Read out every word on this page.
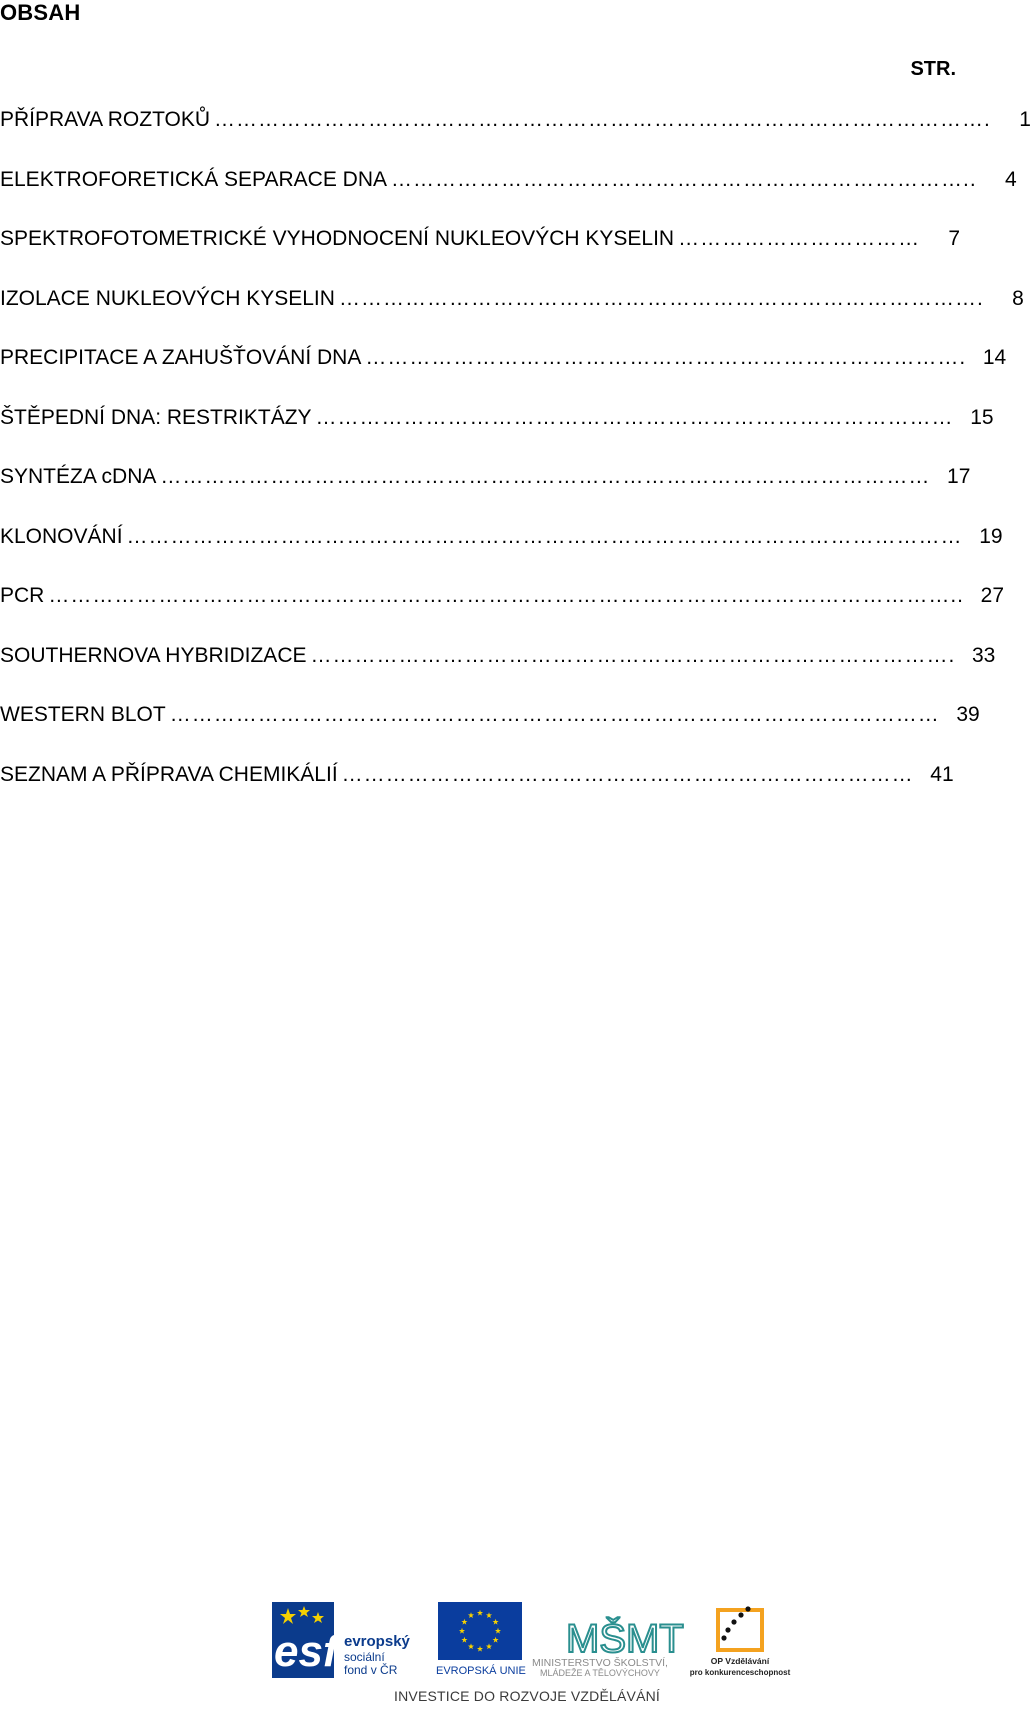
OBSAH
STR.
PŘÍPRAVA ROZTOKŮ …………………………………………………………………………………………….	1
ELEKTROFORETICKÁ SEPARACE DNA ……………………………………………………………………..	4
SPEKTROFOTOMETRICKÉ VYHODNOCENÍ NUKLEOVÝCH KYSELIN ……………………………	7
IZOLACE NUKLEOVÝCH KYSELIN …………………………………………………………………………….	8
PRECIPITACE A ZAHUŠŤOVÁNÍ DNA ………………………………………………………………………. 14
ŠTĚPEDNÍ DNA: RESTRIKTÁZY …………………………………………………………………………… 15
SYNTÉZA cDNA …………………………………………………………………………………………… 17
KLONOVÁNÍ …………………………………………………………………………………………………… 19
PCR …………………………………………………………………………………………………………….. 27
SOUTHERNOVA HYBRIDIZACE ……………………………………………………………………………. 33
WESTERN BLOT …………………………………………………………………………………………… 39
SEZNAM A PŘÍPRAVA CHEMIKÁLIÍ …………………………………………………………………… 41
esf evropský
sociální
fond v ČR	EVROPSKÁ UNIE
MŠMT
MINISTERSTVO ŠKOLSTVÍ,
MLÁDEŽE A TĚLOVÝCHOVY
OP Vzdělávání
pro konkurenceschopnost
INVESTICE DO ROZVOJE VZDĚLÁVÁNÍ
